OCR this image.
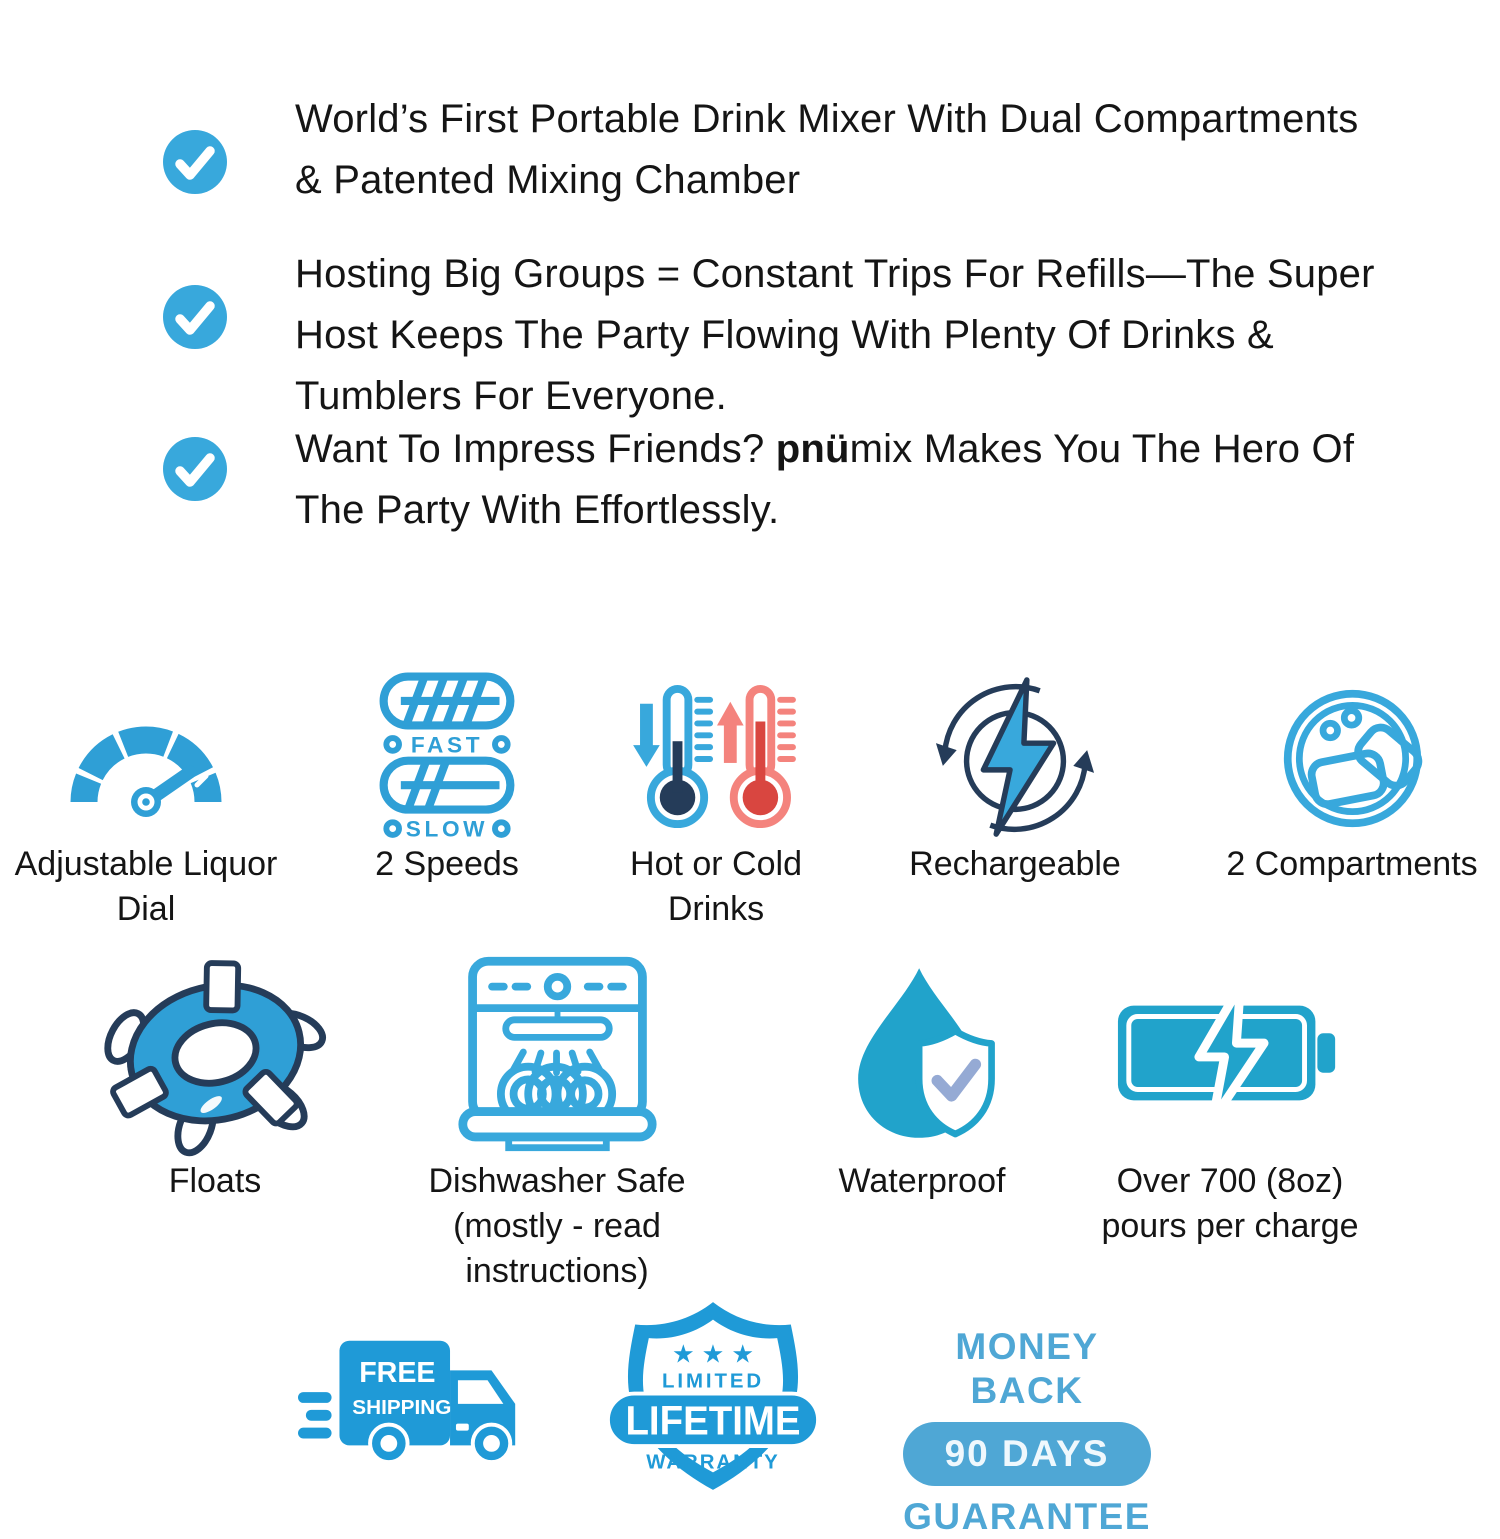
World’s First Portable Drink Mixer With Dual Compartments
& Patented Mixing Chamber
Hosting Big Groups = Constant Trips For Refills—The Super
Host Keeps The Party Flowing With Plenty Of Drinks &
Tumblers For Everyone.
Want To Impress Friends? pnümix Makes You The Hero Of
The Party With Effortlessly.
Adjustable Liquor
Dial
FAST
SLOW
2 Speeds	Hot or Cold
Drinks
Rechargeable	2 Compartments
Floats	Dishwasher Safe
(mostly - read instructions)
Waterproof	Over 700 (8oz)
pours per charge
FREE
SHIPPING
★ ★ ★
LIMITED
LIFETIME
WARRANTY
MONEY BACK
90 DAYS
GUARANTEE
